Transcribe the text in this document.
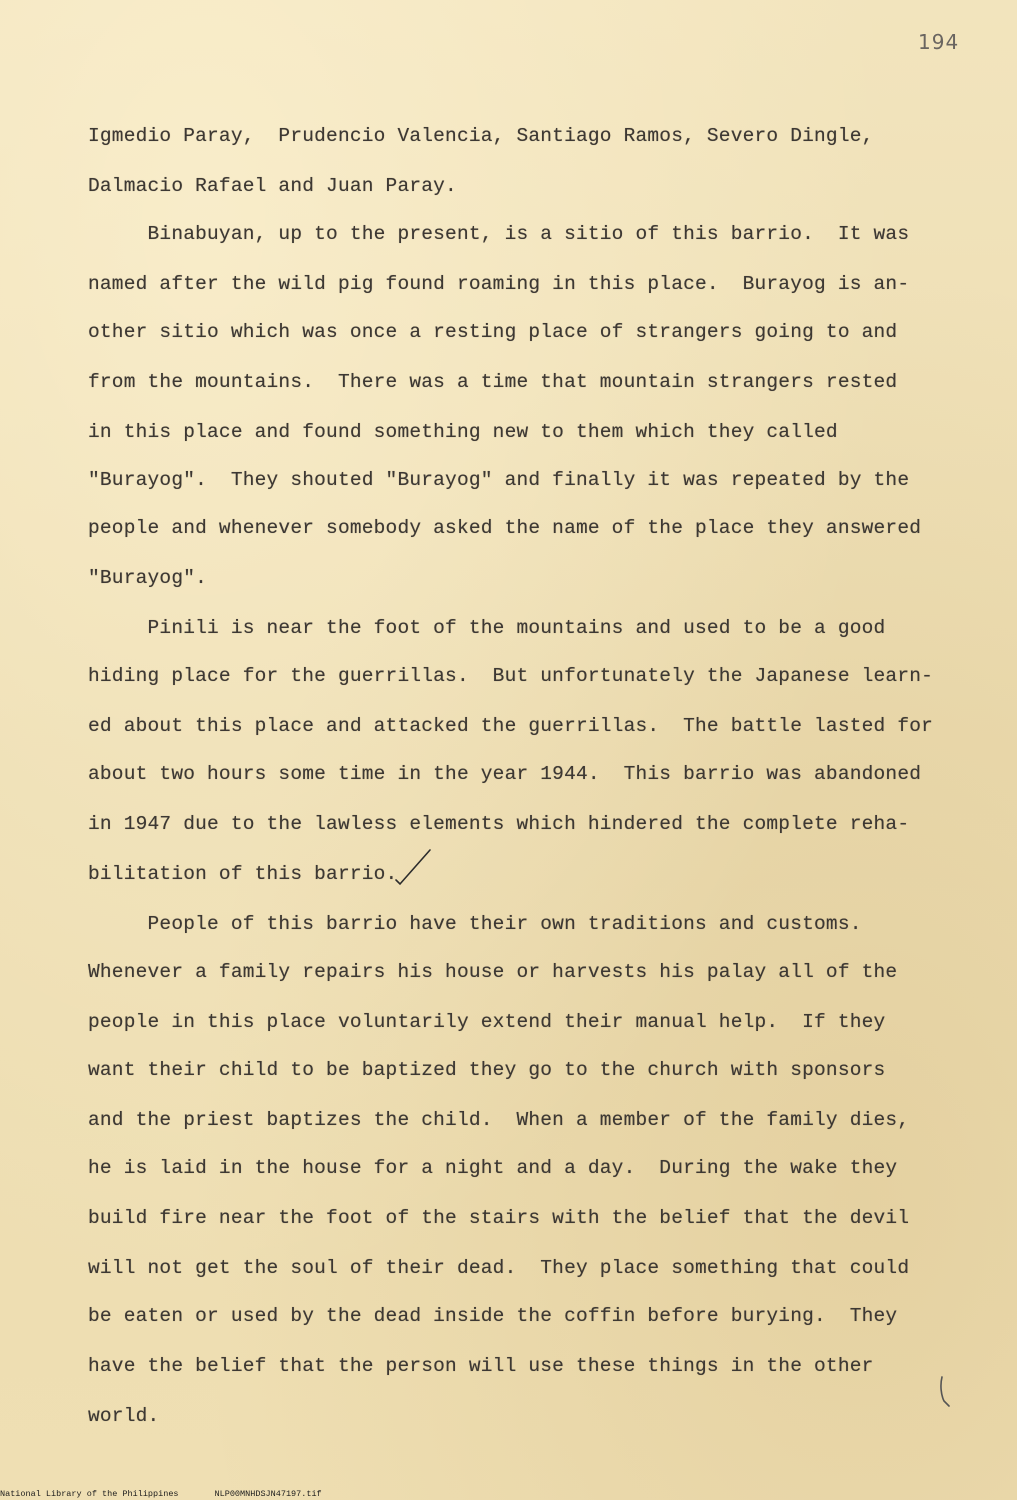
194
Igmedio Paray,  Prudencio Valencia, Santiago Ramos, Severo Dingle,
Dalmacio Rafael and Juan Paray.
Binabuyan, up to the present, is a sitio of this barrio.  It was
named after the wild pig found roaming in this place.  Burayog is an-
other sitio which was once a resting place of strangers going to and
from the mountains.  There was a time that mountain strangers rested
in this place and found something new to them which they called
"Burayog".  They shouted "Burayog" and finally it was repeated by the
people and whenever somebody asked the name of the place they answered
"Burayog".
Pinili is near the foot of the mountains and used to be a good
hiding place for the guerrillas.  But unfortunately the Japanese learn-
ed about this place and attacked the guerrillas.  The battle lasted for
about two hours some time in the year 1944.  This barrio was abandoned
in 1947 due to the lawless elements which hindered the complete reha-
bilitation of this barrio.
People of this barrio have their own traditions and customs.
Whenever a family repairs his house or harvests his palay all of the
people in this place voluntarily extend their manual help.  If they
want their child to be baptized they go to the church with sponsors
and the priest baptizes the child.  When a member of the family dies,
he is laid in the house for a night and a day.  During the wake they
build fire near the foot of the stairs with the belief that the devil
will not get the soul of their dead.  They place something that could
be eaten or used by the dead inside the coffin before burying.  They
have the belief that the person will use these things in the other
world.
National Library of the Philippines	NLP00MNHDSJN47197.tif
